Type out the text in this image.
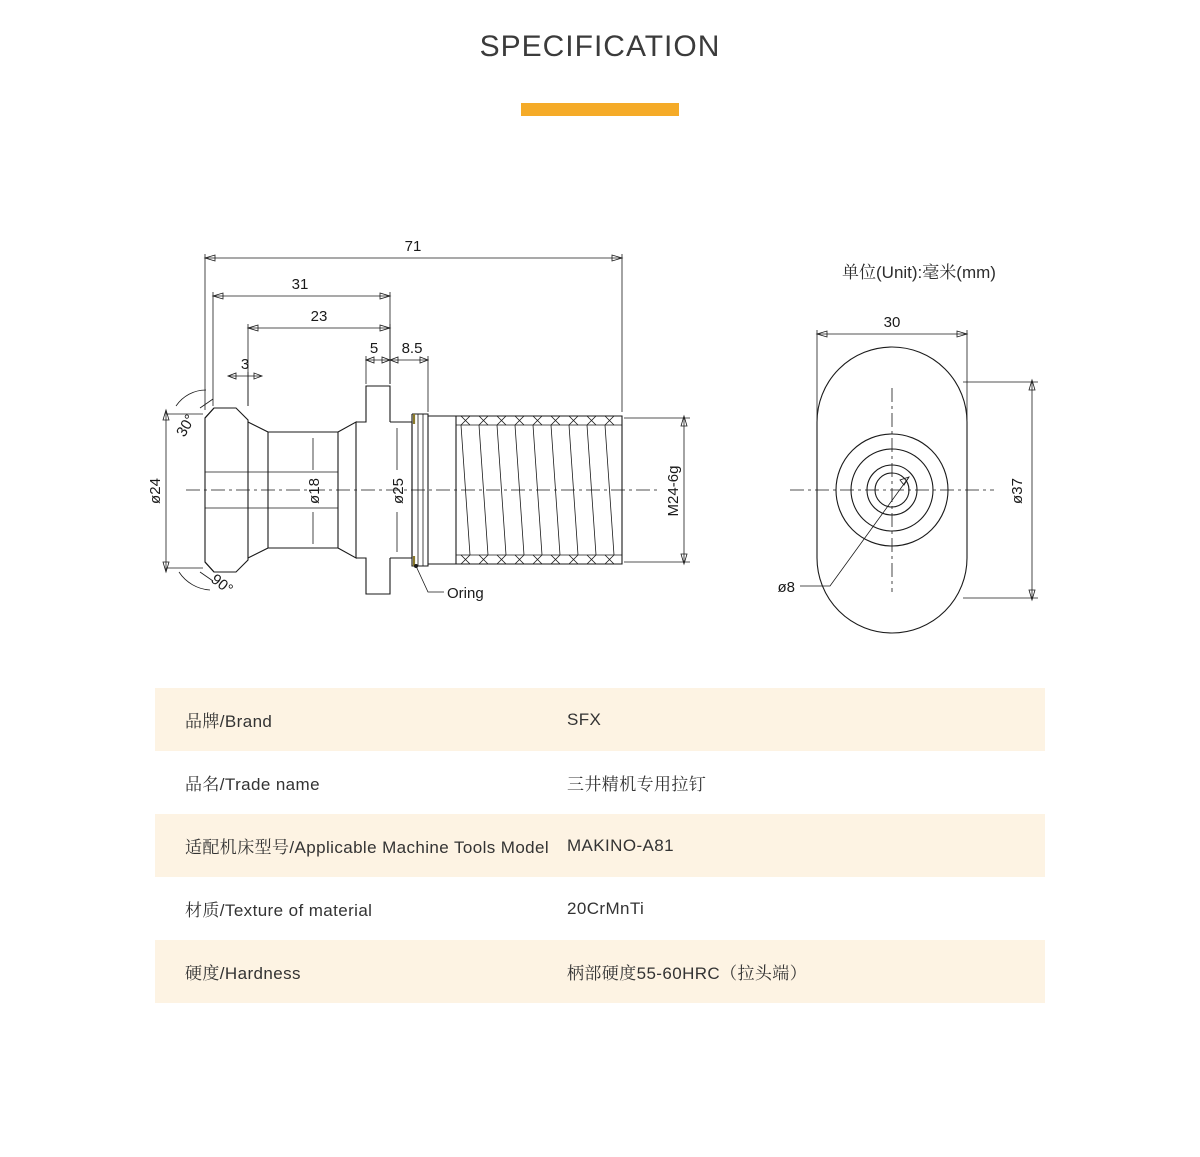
SPECIFICATION
单位(Unit):毫米(mm)
71
31
23
5 8.5
3
ø24	ø18	ø25	M24-6g
30°
90°	Oring
30
ø37
ø8
品牌/Brand	SFX
品名/Trade name	三井精机专用拉钉
适配机床型号/Applicable Machine Tools Model	MAKINO-A81
材质/Texture of material	20CrMnTi
硬度/Hardness	柄部硬度55-60HRC（拉头端）
